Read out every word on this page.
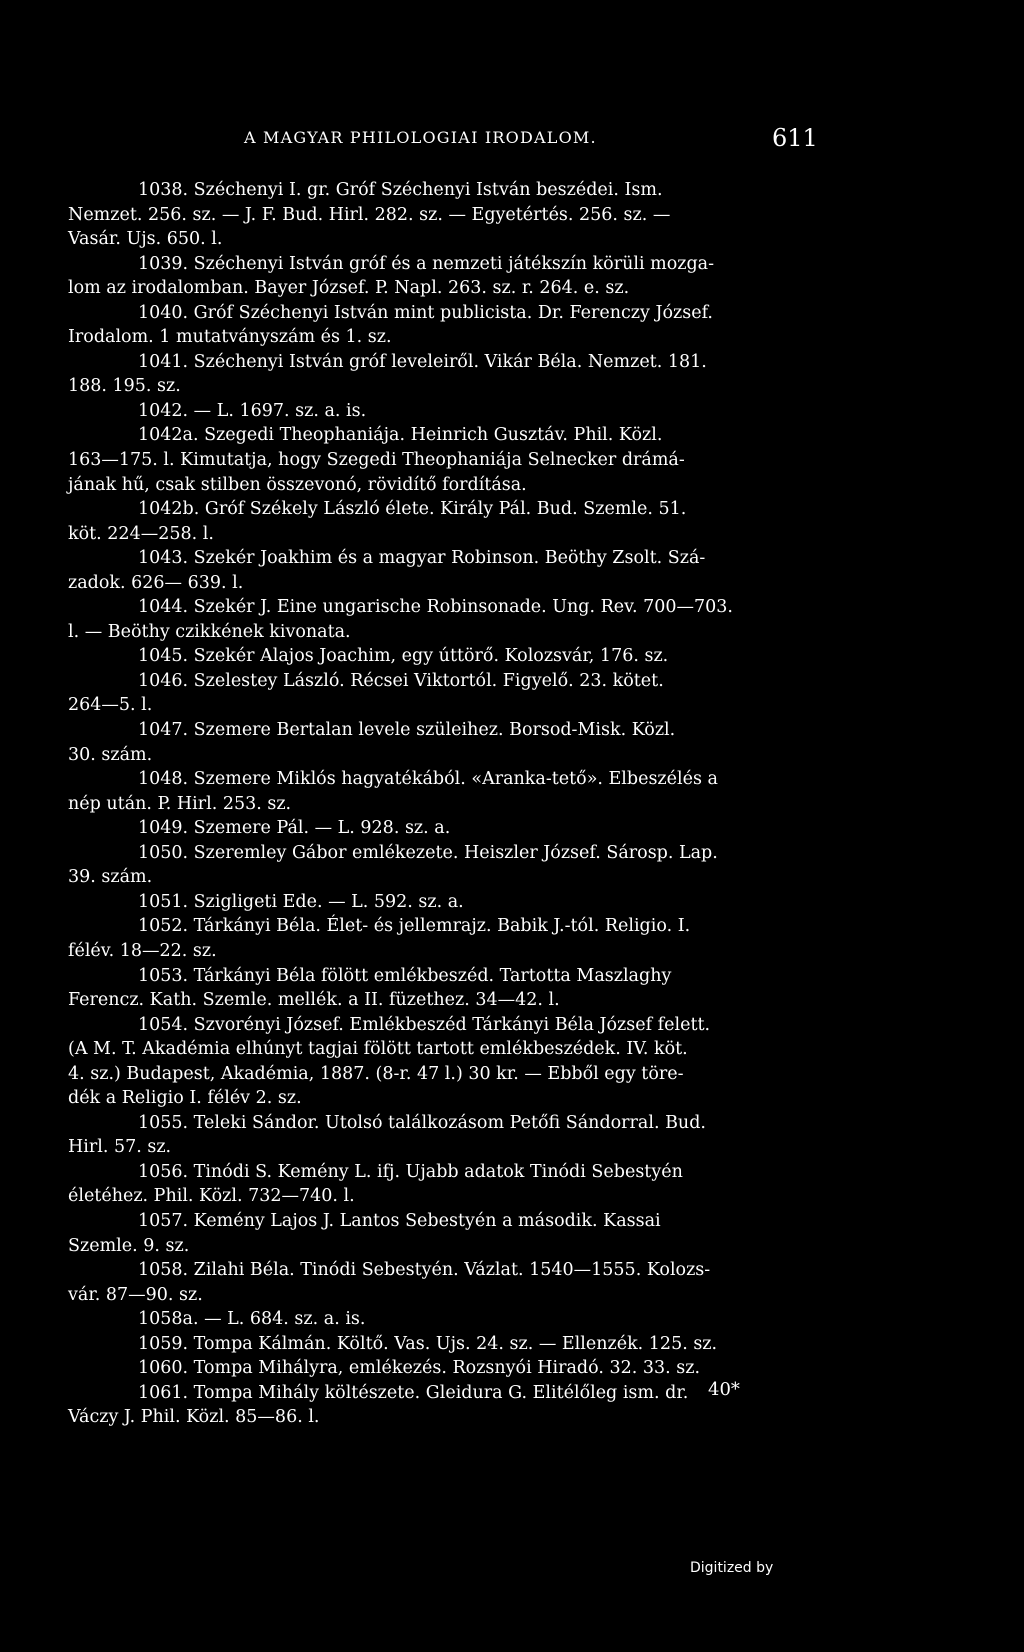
A MAGYAR PHILOLOGIAI IRODALOM.	611
1038. Széchenyi I. gr. Gróf Széchenyi István beszédei. Ism.
Nemzet. 256. sz. — J. F. Bud. Hirl. 282. sz. — Egyetértés. 256. sz. —
Vasár. Ujs. 650. l.
1039. Széchenyi István gróf és a nemzeti játékszín körüli mozga-
lom az irodalomban. Bayer József. P. Napl. 263. sz. r. 264. e. sz.
1040. Gróf Széchenyi István mint publicista. Dr. Ferenczy József.
Irodalom. 1 mutatványszám és 1. sz.
1041. Széchenyi István gróf leveleiről. Vikár Béla. Nemzet. 181.
188. 195. sz.
1042. — L. 1697. sz. a. is.
1042a. Szegedi Theophaniája. Heinrich Gusztáv. Phil. Közl.
163—175. l. Kimutatja, hogy Szegedi Theophaniája Selnecker drámá-
jának hű, csak stilben összevonó, rövidítő fordítása.
1042b. Gróf Székely László élete. Király Pál. Bud. Szemle. 51.
köt. 224—258. l.
1043. Szekér Joakhim és a magyar Robinson. Beöthy Zsolt. Szá-
zadok. 626— 639. l.
1044. Szekér J. Eine ungarische Robinsonade. Ung. Rev. 700—703.
l. — Beöthy czikkének kivonata.
1045. Szekér Alajos Joachim, egy úttörő. Kolozsvár, 176. sz.
1046. Szelestey László. Récsei Viktortól. Figyelő. 23. kötet.
264—5. l.
1047. Szemere Bertalan levele szüleihez. Borsod-Misk. Közl.
30. szám.
1048. Szemere Miklós hagyatékából. «Aranka-tető». Elbeszélés a
nép után. P. Hirl. 253. sz.
1049. Szemere Pál. — L. 928. sz. a.
1050. Szeremley Gábor emlékezete. Heiszler József. Sárosp. Lap.
39. szám.
1051. Szigligeti Ede. — L. 592. sz. a.
1052. Tárkányi Béla. Élet- és jellemrajz. Babik J.-tól. Religio. I.
félév. 18—22. sz.
1053. Tárkányi Béla fölött emlékbeszéd. Tartotta Maszlaghy
Ferencz. Kath. Szemle. mellék. a II. füzethez. 34—42. l.
1054. Szvorényi József. Emlékbeszéd Tárkányi Béla József felett.
(A M. T. Akadémia elhúnyt tagjai fölött tartott emlékbeszédek. IV. köt.
4. sz.) Budapest, Akadémia, 1887. (8-r. 47 l.) 30 kr. — Ebből egy töre-
dék a Religio I. félév 2. sz.
1055. Teleki Sándor. Utolsó találkozásom Petőfi Sándorral. Bud.
Hirl. 57. sz.
1056. Tinódi S. Kemény L. ifj. Ujabb adatok Tinódi Sebestyén
életéhez. Phil. Közl. 732—740. l.
1057. Kemény Lajos J. Lantos Sebestyén a második. Kassai
Szemle. 9. sz.
1058. Zilahi Béla. Tinódi Sebestyén. Vázlat. 1540—1555. Kolozs-
vár. 87—90. sz.
1058a. — L. 684. sz. a. is.
1059. Tompa Kálmán. Költő. Vas. Ujs. 24. sz. — Ellenzék. 125. sz.
1060. Tompa Mihályra, emlékezés. Rozsnyói Hiradó. 32. 33. sz.
1061. Tompa Mihály költészete. Gleidura G. Elitélőleg ism. dr.
Váczy J. Phil. Közl. 85—86. l.
40*
Digitized by
